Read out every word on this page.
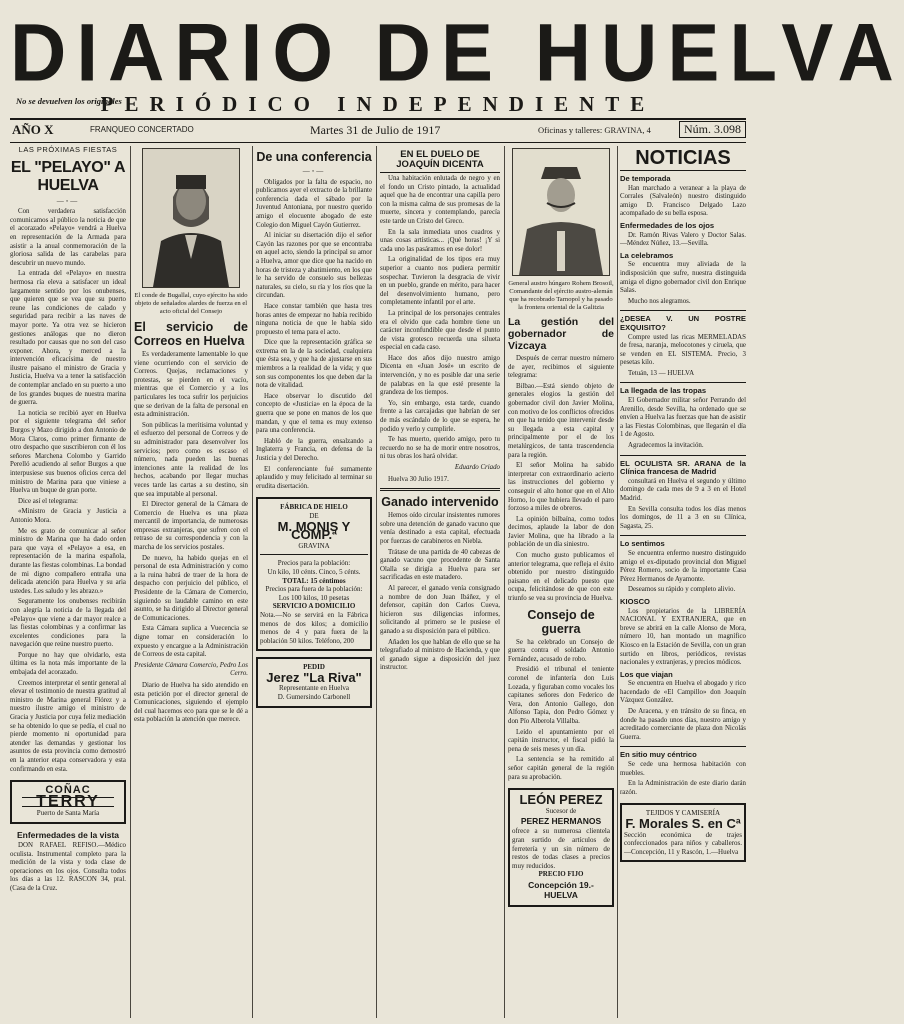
DIARIO DE HUELVA
PERIÓDICO INDEPENDIENTE
No se devuelven los originales
AÑO X	FRANQUEO CONCERTADO	Martes 31 de Julio de 1917	Oficinas y talleres: GRAVINA, 4	Núm. 3.098
LAS PRÓXIMAS FIESTAS
EL "PELAYO" A HUELVA
—◦—

Con verdadera satisfacción comunicamos al público la noticia de que el acorazado «Pelayo» vendrá a Huelva en representación de la Armada para asistir a la anual conmemoración de la gloriosa salida de las carabelas para descubrir un nuevo mundo.

La entrada del «Pelayo» en nuestra hermosa ría eleva a satisfacer un ideal largamente sentido por los onubenses, que quieren que se vea que su puerto reune las condiciones de calado y seguridad para recibir a las naves de mayor porte. Ya otra vez se hicieron gestiones análogas que no dieron resultado por causas que no son del caso exponer. Ahora, y merced a la intervención eficacísima de nuestro ilustre paisano el ministro de Gracia y Justicia, Huelva va a tener la satisfacción de contemplar anclado en su puerto a uno de los grandes buques de nuestra marina de guerra.

La noticia se recibió ayer en Huelva por el siguiente telegrama del señor Burgos y Mazo dirigido a don Antonio de Mora Claros, como primer firmante de otro despacho que suscribieron con él los señores Marchena Colombo y Garrido Perelló acudiendo al señor Burgos a que interpusiese sus buenos oficios cerca del ministro de Marina para que viniese a Huelva un buque de gran porte.

Dice así el telegrama:

«Ministro de Gracia y Justicia a Antonio Mora.

Me es grato de comunicar al señor ministro de Marina que ha dado orden para que vaya el «Pelayo» a esa, en representación de la marina española, durante las fiestas colombinas. La bondad de mi digno compañero entraña una delicada atención para Huelva y su aria ustedes. Les saludo y les abrazo.»

Seguramente los onubenses recibirán con alegría la noticia de la llegada del «Pelayo» que viene a dar mayor realce a las fiestas colombinas y a confirmar las excelentes condiciones para la navegación que reúne nuestro puerto.

Porque no hay que olvidarlo, esta última es la nota más importante de la embajada del acorazado.

Creemos interpretar el sentir general al elevar el testimonio de nuestra gratitud al ministro de Marina general Flórez y a nuestro ilustre amigo el ministro de Gracia y Justicia por cuya feliz mediación se ha obtenido lo que se pedía, el cual no pierde momento ni oportunidad para atender las demandas y gestionar los asuntos de esta provincia como demostró en la anterior etapa conservadora y esta confirmando en esta.

COÑAC
TERRY
Puerto de Santa María
Enfermedades de la vista

DON RAFAEL REFISO.—Médico oculista. Instrumental completo para la medición de la vista y toda clase de operaciones en los ojos. Consulta todos los días a las 12. RASCON 34, pral. (Casa de la Cruz.

El conde de Bugallal, cuyo ejército ha sido objeto de señalados alardes de fuerza en el acto oficial del Consejo
El servicio de Correos en Huelva

Es verdaderamente lamentable lo que viene ocurriendo con el servicio de Correos. Quejas, reclamaciones y protestas, se pierden en el vacío, mientras que el Comercio y a los particulares les toca sufrir los perjuicios que se derivan de la falta de personal en esta administración.

Son públicas la merítisima voluntad y el esfuerzo del personal de Correos y de su administrador para desenvolver los servicios; pero como es escaso el número, nada pueden las buenas intenciones ante la realidad de los hechos, acabando por llegar muchas veces tarde las cartas a su destino, sin que sea imputable al personal.

El Director general de la Cámara de Comercio de Huelva es una plaza mercantil de importancia, de numerosas empresas extranjeras, que sufren con el retraso de su correspondencia y con la marcha de los servicios postales.

De nuevo, ha habido quejas en el personal de esta Administración y como a la ruina habrá de traer de la hora de despacho con perjuicio del público, el Presidente de la Cámara de Comercio, siguiendo su laudable camino en este asunto, se ha dirigido al Director general de Comunicaciones.

Esta Cámara suplica a Vuecencia se digne tomar en consideración lo expuesto y encargue a la Administración de Correos de esta capital.

Presidente Cámara Comercio, Pedro Los Cerro.

Diario de Huelva ha sido atendido en esta petición por el director general de Comunicaciones, siguiendo el ejemplo del cual hacemos eco para que se le dé a esta población la atención que merece.

De una conferencia
—◦—

Obligados por la falta de espacio, no publicamos ayer el extracto de la brillante conferencia dada el sábado por la Juventud Antoniana, por nuestro querido amigo el elocuente abogado de este Colegio don Miguel Cayón Gutierrez.

Al iniciar su disertación dijo el señor Cayón las razones por que se encontraba en aquel acto, siendo la principal su amor a Huelva, amor que dice que ha nacido en horas de tristeza y abatimiento, en los que le ha servido de consuelo sus bellezas naturales, su cielo, su ría y los ríos que la circundan.

Hace constar también que hasta tres horas antes de empezar no había recibido ninguna noticia de que le había sido propuesto el tema para el acto.

Dice que la representación gráfica se extrema en la de la sociedad, cualquiera que ésta sea, y que ha de ajustarse en sus miembros a la realidad de la vida; y que son sus componentes los que deben dar la nota de vitalidad.

Hace observar lo discutido del concepto de «Justicia» en la época de la guerra que se pone en manos de los que mandan, y que el tema es muy extenso para una conferencia.

Habló de la guerra, ensalzando a Inglaterra y Francia, en defensa de la Justicia y del Derecho.

El conferenciante fué sumamente aplaudido y muy felicitado al terminar su erudita disertación.

FÁBRICA DE HIELO
DE
M. MONIS Y COMP.ª
GRAVINA
Precios para la población:
Un kilo, 10 cénts. Cinco, 5 cénts.
TOTAL: 15 céntimos
Precios para fuera de la población:
Los 100 kilos, 10 pesetas
SERVICIO A DOMICILIO
Nota.—No se servirá en la Fábrica menos de dos kilos; a domicilio menos de 4 y para fuera de la población 50 kilos. Teléfono, 200
PEDID
Jerez "La Riva"
Representante en Huelva
D. Gumersindo Carbonell
EN EL DUELO DE JOAQUÍN DICENTA

Una habitación enlutada de negro y en el fondo un Cristo pintado, la actualidad aquel que ha de encontrar una capilla pero con la misma calma de sus promesas de la muerte, sincera y contemplando, parecía este tarde un Cristo del Greco.

En la sala inmediata unos cuadros y unas cosas artísticas... ¡Qué horas! ¡Y si cada uno las pasáramos en ese dolor!

La originalidad de los tipos era muy superior a cuanto nos pudiera permitir sospechar. Tuvieron la desgracia de vivir en un pueblo, grande en mérito, para hacer del desenvolvimiento humano, pero completamente infantil por el arte.

La principal de los personajes centrales era el olvido que cada hombre tiene un carácter inconfundible que desde el punto de vista grotesco recuerda una silueta especial en cada caso.

Hace dos años dijo nuestro amigo Dicenta en «Juan José» un escrito de intervención, y no es posible dar una serie de palabras en la que esté presente la grandeza de los tiempos.

Yo, sin embargo, esta tarde, cuando frente a las carcajadas que habrían de ser de más escándalo de lo que se espera, he podido y verlo y cumplirle.

Te has muerto, querido amigo, pero tu recuerdo no se ha de morir entre nosotros, ni tus obras los hará olvidar.

Eduardo Criado

Huelva 30 Julio 1917.

Ganado intervenido

Hemos oído circular insistentes rumores sobre una detención de ganado vacuno que venía destinado a esta capital, efectuada por fuerzas de carabineros en Niebla.

Trátase de una partida de 40 cabezas de ganado vacuno que procedente de Santa Olalla se dirigía a Huelva para ser sacrificadas en este matadero.

Al parecer, el ganado venía consignado a nombre de don Juan Ibáñez, y el defensor, capitán don Carlos Cueva, hicieron sus diligencias informes, solicitando al primero se le pusiese el ganado a su disposición para el público.

Añaden los que hablan de ello que se ha telegrafiado al ministro de Hacienda, y que el ganado sigue a disposición del juez instructor.

General austro húngaro Rohem Brosoil, Comandante del ejército austro-alemán que ha recobrado Tarnopol y ha pasado la frontera oriental de la Galitzia
La gestión del gobernador de Vizcaya

Después de cerrar nuestro número de ayer, recibimos el siguiente telegrama:

Bilbao.—Está siendo objeto de generales elogios la gestión del gobernador civil don Javier Molina, con motivo de los conflictos ofrecidos en que ha tenido que intervenir desde su llegada a esta capital y principalmente por el de los metalúrgicos, de tanta trascendencia para la región.

El señor Molina ha sabido interpretar con extraordinario acierto las instrucciones del gobierno y conseguir el alto honor que en el Alto Horno, lo que hubiera llevado el paro forzoso a miles de obreros.

La opinión bilbaína, como todos decimos, aplaude la labor de don Javier Molina, que ha librado a la población de un día siniestro.

Con mucho gusto publicamos el anterior telegrama, que refleja el éxito obtenido por nuestro distinguido paisano en el delicado puesto que ocupa, felicitándose de que con este triunfo se vea su provincia de Huelva.

Consejo de guerra

Se ha celebrado un Consejo de guerra contra el soldado Antonio Fernández, acusado de robo.

Presidió el tribunal el teniente coronel de infantería don Luis Lozada, y figuraban como vocales los capitanes señores don Federico de Vera, don Antonio Gallego, don Alfonso Tapia, don Pedro Gómez y don Pío Alberola Villalba.

Leído el apuntamiento por el capitán instructor, el fiscal pidió la pena de seis meses y un día.

La sentencia se ha remitido al señor capitán general de la región para su aprobación.

LEÓN PEREZ
Sucesor de
PEREZ HERMANOS
ofrece a su numerosa clientela gran surtido de artículos de ferretería y un sin número de restos de todas clases a precios muy reducidos.
PRECIO FIJO
Concepción 19.-HUELVA
NOTICIAS
De temporada

Han marchado a veranear a la playa de Corrales (Salvaleón) nuestro distinguido amigo D. Francisco Delgado Lazo acompañado de su bella esposa.

Enfermedades de los ojos

Dr. Ramón Rivas Valero y Doctor Salas.—Méndez Núñez, 13.—Sevilla.

La celebramos

Se encuentra muy aliviada de la indisposición que sufre, nuestra distinguida amiga el digno gobernador civil don Enrique Salas.

Mucho nos alegramos.

¿DESEA V. UN POSTRE EXQUISITO?

Compre usted las ricas MERMELADAS de fresa, naranja, melocotones y ciruela, que se venden en EL SISTEMA. Precio, 3 pesetas kilo.

Tetuán, 13 — HUELVA

La llegada de las tropas

El Gobernador militar señor Perrando del Arenillo, desde Sevilla, ha ordenado que se envíen a Huelva las fuerzas que han de asistir a las Fiestas Colombinas, que llegarán el día 1 de Agosto.

Agradecemos la invitación.

EL OCULISTA SR. ARANA de la Clínica francesa de Madrid

consultará en Huelva el segundo y último domingo de cada mes de 9 a 3 en el Hotel Madrid.

En Sevilla consulta todos los días menos los domingos, de 11 a 3 en su Clínica, Sagasta, 25.

Lo sentimos

Se encuentra enfermo nuestro distinguido amigo el ex-diputado provincial don Miguel Pérez Romero, socio de la importante Casa Pérez Hermanos de Ayamonte.

Deseamos su rápido y completo alivio.

KIOSCO

Los propietarios de la LIBRERÍA NACIONAL Y EXTRANJERA, que en breve se abrirá en la calle Alonso de Mora, número 10, han montado un magnífico Kiosco en la Estación de Sevilla, con un gran surtido en libros, periódicos, revistas nacionales y extranjeras, y precios módicos.

Los que viajan

Se encuentra en Huelva el abogado y rico hacendado de «El Campillo» don Joaquín Vázquez González.

De Aracena, y en tránsito de su finca, en donde ha pasado unos días, nuestro amigo y acreditado comerciante de plaza don Nicolás Guerra.

En sitio muy céntrico

Se cede una hermosa habitación con muebles.

En la Administración de este diario darán razón.

TEJIDOS Y CAMISERÍA
F. Morales S. en Cª
Sección económica de trajes confeccionados para niños y caballeros.—Concepción, 11 y Rascón, 1.—Huelva
